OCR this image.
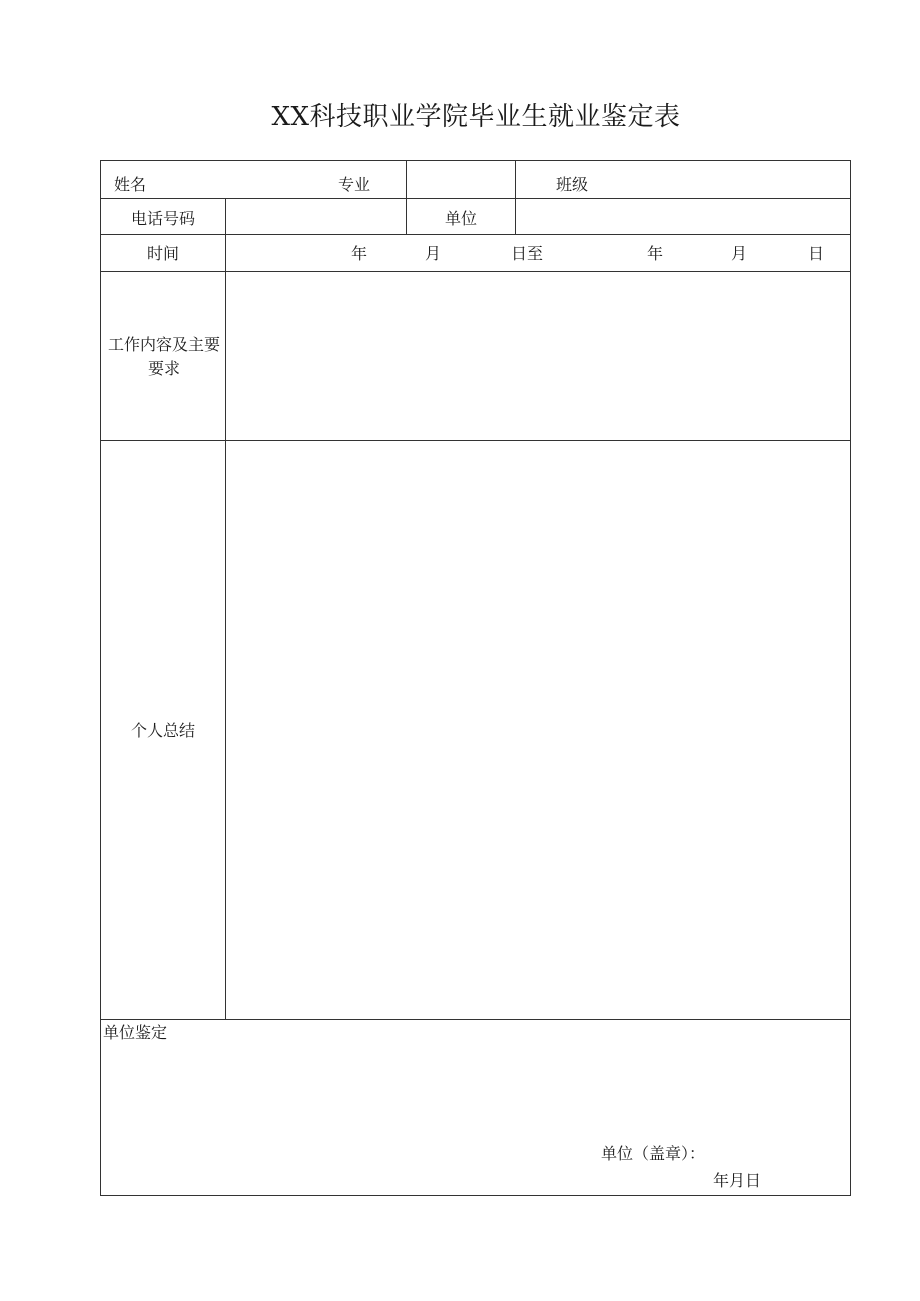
XX科技职业学院毕业生就业鉴定表
姓名	专业	班级
电话号码	单位
时间	年	月	日至	年	月	日
工作内容及主要要求
个人总结
单位鉴定
单位（盖章）：
年月日
